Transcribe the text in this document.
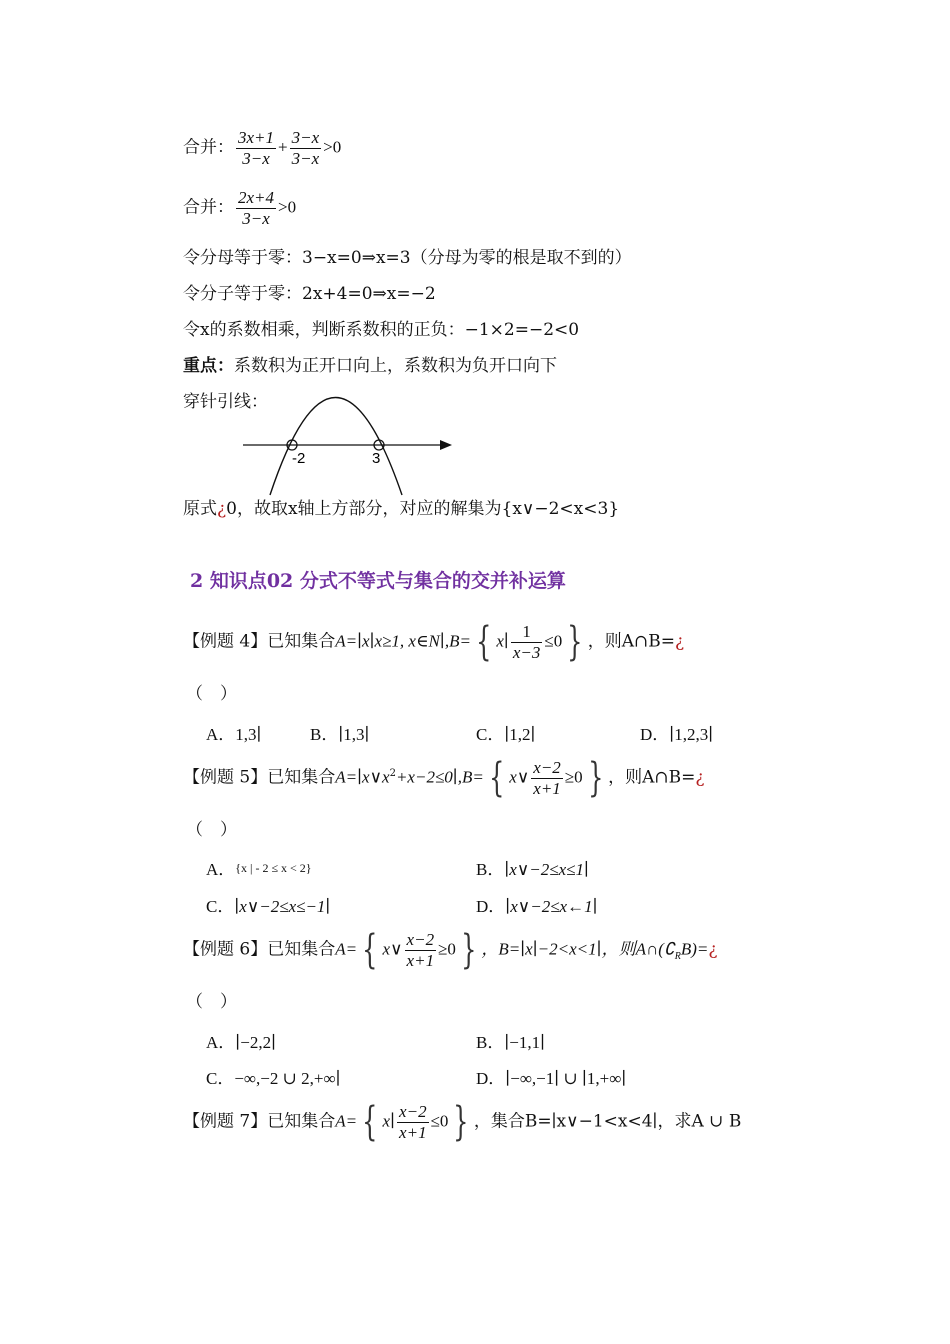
合并： $\frac{3x+1}{3-x} + \frac{3-x}{3-x} >0$
合并： $\frac{2x+4}{3-x} >0$
令分母等于零：3−x=0⇒x=3（分母为零的根是取不到的）
令分子等于零：2x+4=0⇒x=−2
令x的系数相乘，判断系数积的正负：−1×2=−2<0
重点：系数积为正开口向上，系数积为负开口向下
穿针引线：
-2	3
原式¿0，故取x轴上方部分，对应的解集为{x∨−2<x<3}
2 知识点02 分式不等式与集合的交并补运算
【例题 4】已知集合A=∣x∣x≥1, x∈N∣,B= { x∣ $\frac{1}{x-3} \le 0$ } ，则A∩B=¿
（　）
A．1,3∣	B．∣1,3∣	C．∣1,2∣	D．∣1,2,3∣
【例题 5】已知集合$A=∣x\vee x^2+x-2\le 0∣,B=$ { x∨ $\frac{x-2}{x+1} \ge 0$ } ，则A∩B=¿
（　）
A．{x | - 2 ≤ x < 2}	B．∣x∨−2≤x≤1∣
C．∣x∨−2≤x≤−1∣	D．∣x∨−2≤x←1∣
【例题 6】已知集合A= { x∨ $\frac{x-2}{x+1} \ge 0$ } ，B=∣x∣−2<x<1∣，则$A\cap(∁_RB)=¿$
（　）
A．∣−2,2∣	B．∣−1,1∣
C．−∞,−2 ∪ 2,+∞∣	D．∣−∞,−1∣ ∪ ∣1,+∞∣
【例题 7】已知集合A= { x∣ $\frac{x-2}{x+1} \le 0$ } ，集合B=∣x∨−1<x<4∣，求A ∪ B
